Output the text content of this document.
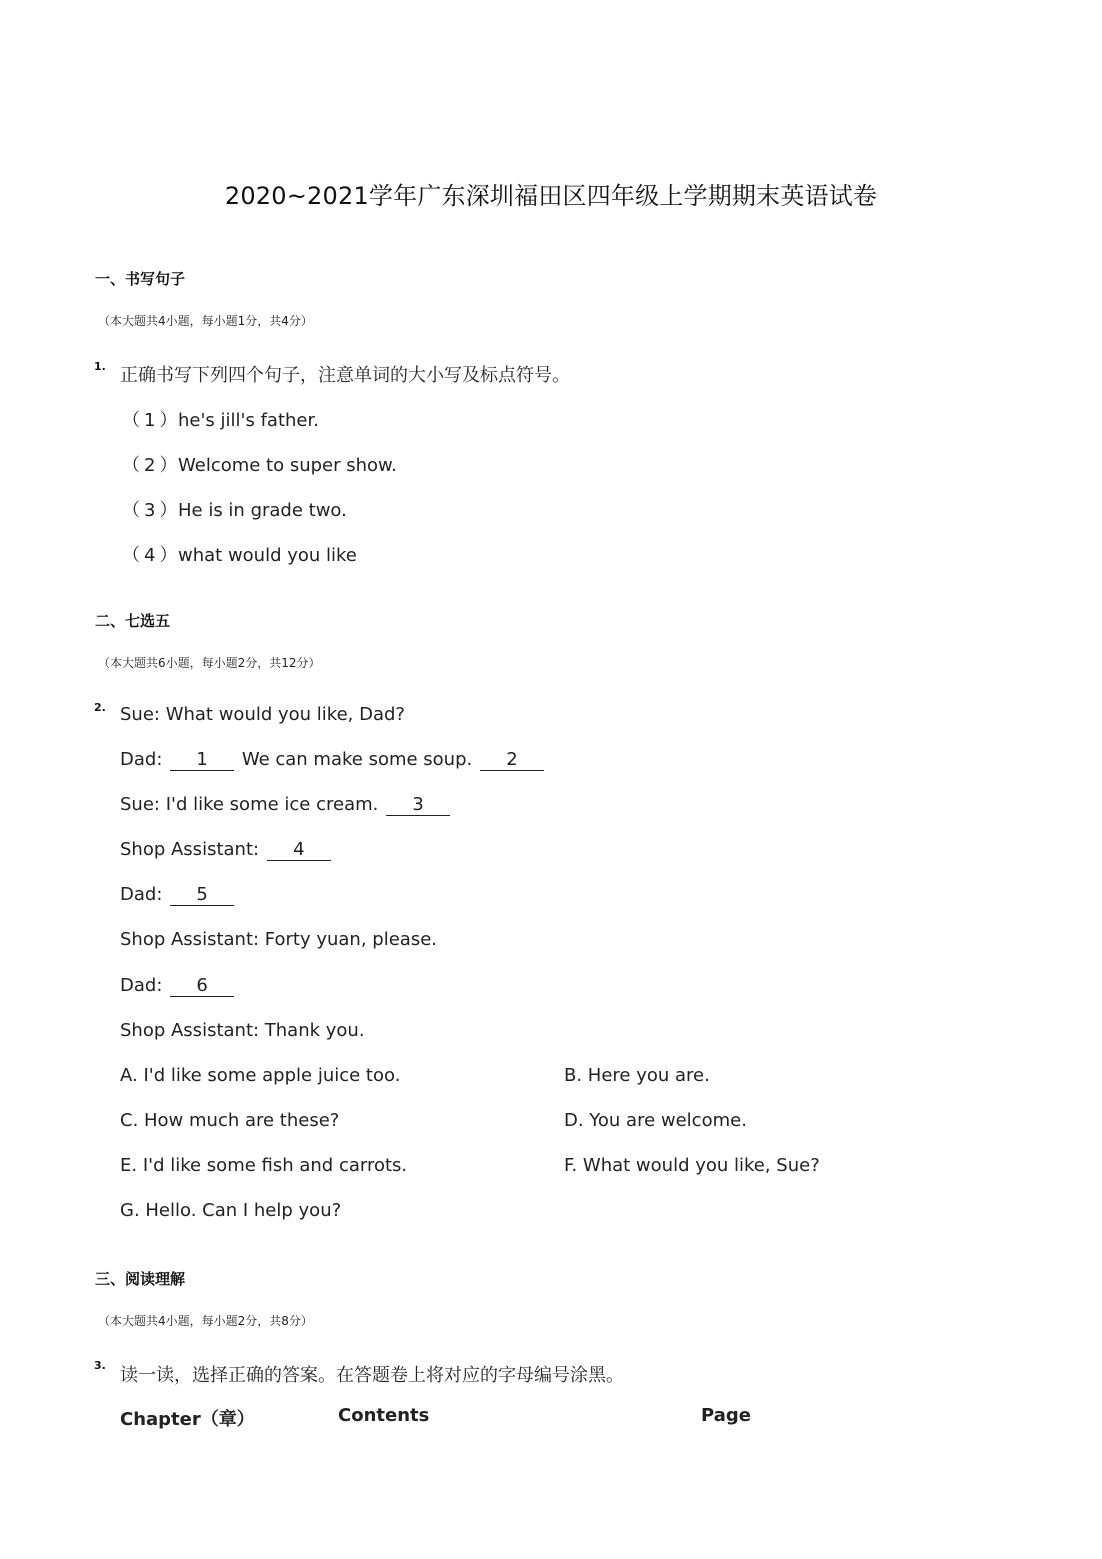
2020~2021学年广东深圳福田区四年级上学期期末英语试卷
一、书写句子
（本大题共4小题，每小题1分，共4分）
1. 正确书写下列四个句子，注意单词的大小写及标点符号。
（1）he's jill's father.
（2）Welcome to super show.
（3）He is in grade two.
（4）what would you like
二、七选五
（本大题共6小题，每小题2分，共12分）
2. Sue: What would you like, Dad?
Dad: 1 We can make some soup. 2
Sue: I'd like some ice cream. 3
Shop Assistant: 4
Dad: 5
Shop Assistant: Forty yuan, please.
Dad: 6
Shop Assistant: Thank you.
A. I'd like some apple juice too.	B. Here you are.
C. How much are these?	D. You are welcome.
E. I'd like some fish and carrots.	F. What would you like, Sue?
G. Hello. Can I help you?
三、阅读理解
（本大题共4小题，每小题2分，共8分）
3. 读一读，选择正确的答案。在答题卷上将对应的字母编号涂黑。
Chapter（章）	Contents	Page
